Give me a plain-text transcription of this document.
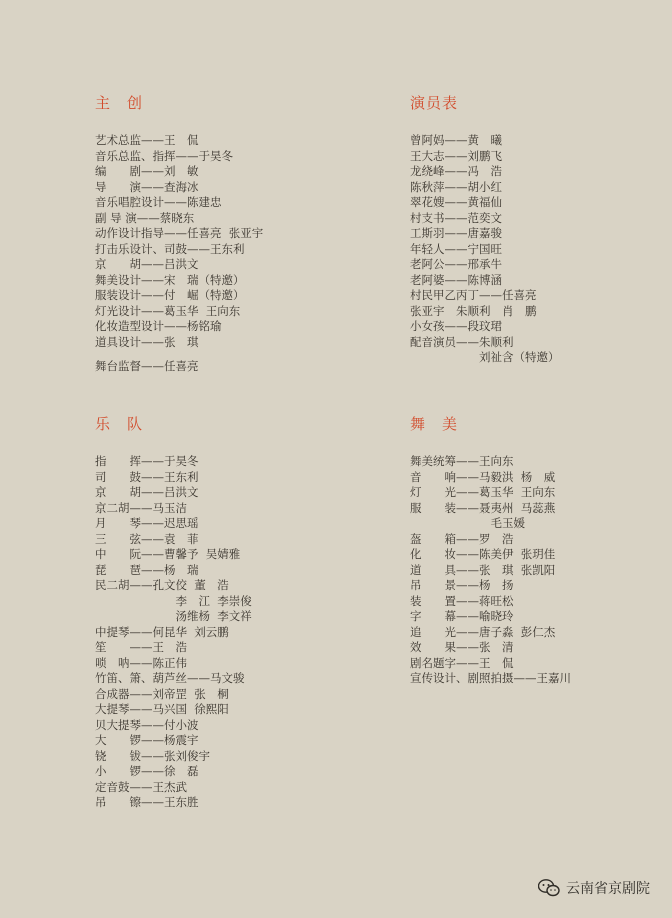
主　创

艺术总监——王　侃

音乐总监、指挥——于昊冬

编　　剧——刘　敏

导　　演——查海冰

音乐唱腔设计——陈建忠

副 导 演——蔡晓东

动作设计指导——任喜亮  张亚宇

打击乐设计、司鼓——王东利

京　　胡——吕洪文

舞美设计——宋　瑞（特邀）

服装设计——付　崛（特邀）

灯光设计——葛玉华  王向东

化妆造型设计——杨铭瑜

道具设计——张　琪

舞台监督——任喜亮

演员表

曾阿妈——黄　曦

王大志——刘鹏飞

龙绕峰——冯　浩

陈秋萍——胡小红

翠花嫂——黄福仙

村支书——范奕文

工斯羽——唐嘉骏

年轻人——宁国旺

老阿公——邢承牛

老阿婆——陈博涵

村民甲乙丙丁——任喜亮

张亚宇　朱顺利　肖　鹏

小女孩——段玟珺

配音演员——朱顺利

　　　　　　刘祉含（特邀）

乐　队

指　　挥——于昊冬

司　　鼓——王东利

京　　胡——吕洪文

京二胡——马玉洁

月　　琴——迟思瑶

三　　弦——袁　菲

中　　阮——曹馨予  吴婧雅

琵　　琶——杨　瑞

民二胡——孔文佼  董　浩

　　　　　　　李　江  李崇俊

　　　　　　　汤维杨  李文祥

中提琴——何昆华  刘云鹏

笙　　——王　浩

唢　呐——陈正伟

竹笛、箫、葫芦丝——马文骏

合成器——刘帝罡  张　桐

大提琴——马兴国  徐熙阳

贝大提琴——付小波

大　　锣——杨震宇

铙　　钹——张刘俊宇

小　　锣——徐　磊

定音鼓——王杰武

吊　　镲——王东胜

舞　美

舞美统筹——王向东

音　　响——马毅洪  杨　威

灯　　光——葛玉华  王向东

服　　装——聂夷州  马蕊燕

　　　　　　　毛玉媛

盔　　箱——罗　浩

化　　妆——陈美伊  张玥佳

道　　具——张　琪  张凯阳

吊　　景——杨　扬

装　　置——蒋旺松

字　　幕——喻晓玲

追　　光——唐子淼  彭仁杰

效　　果——张　清

剧名题字——王　侃

宣传设计、剧照拍摄——王嘉川

云南省京剧院
